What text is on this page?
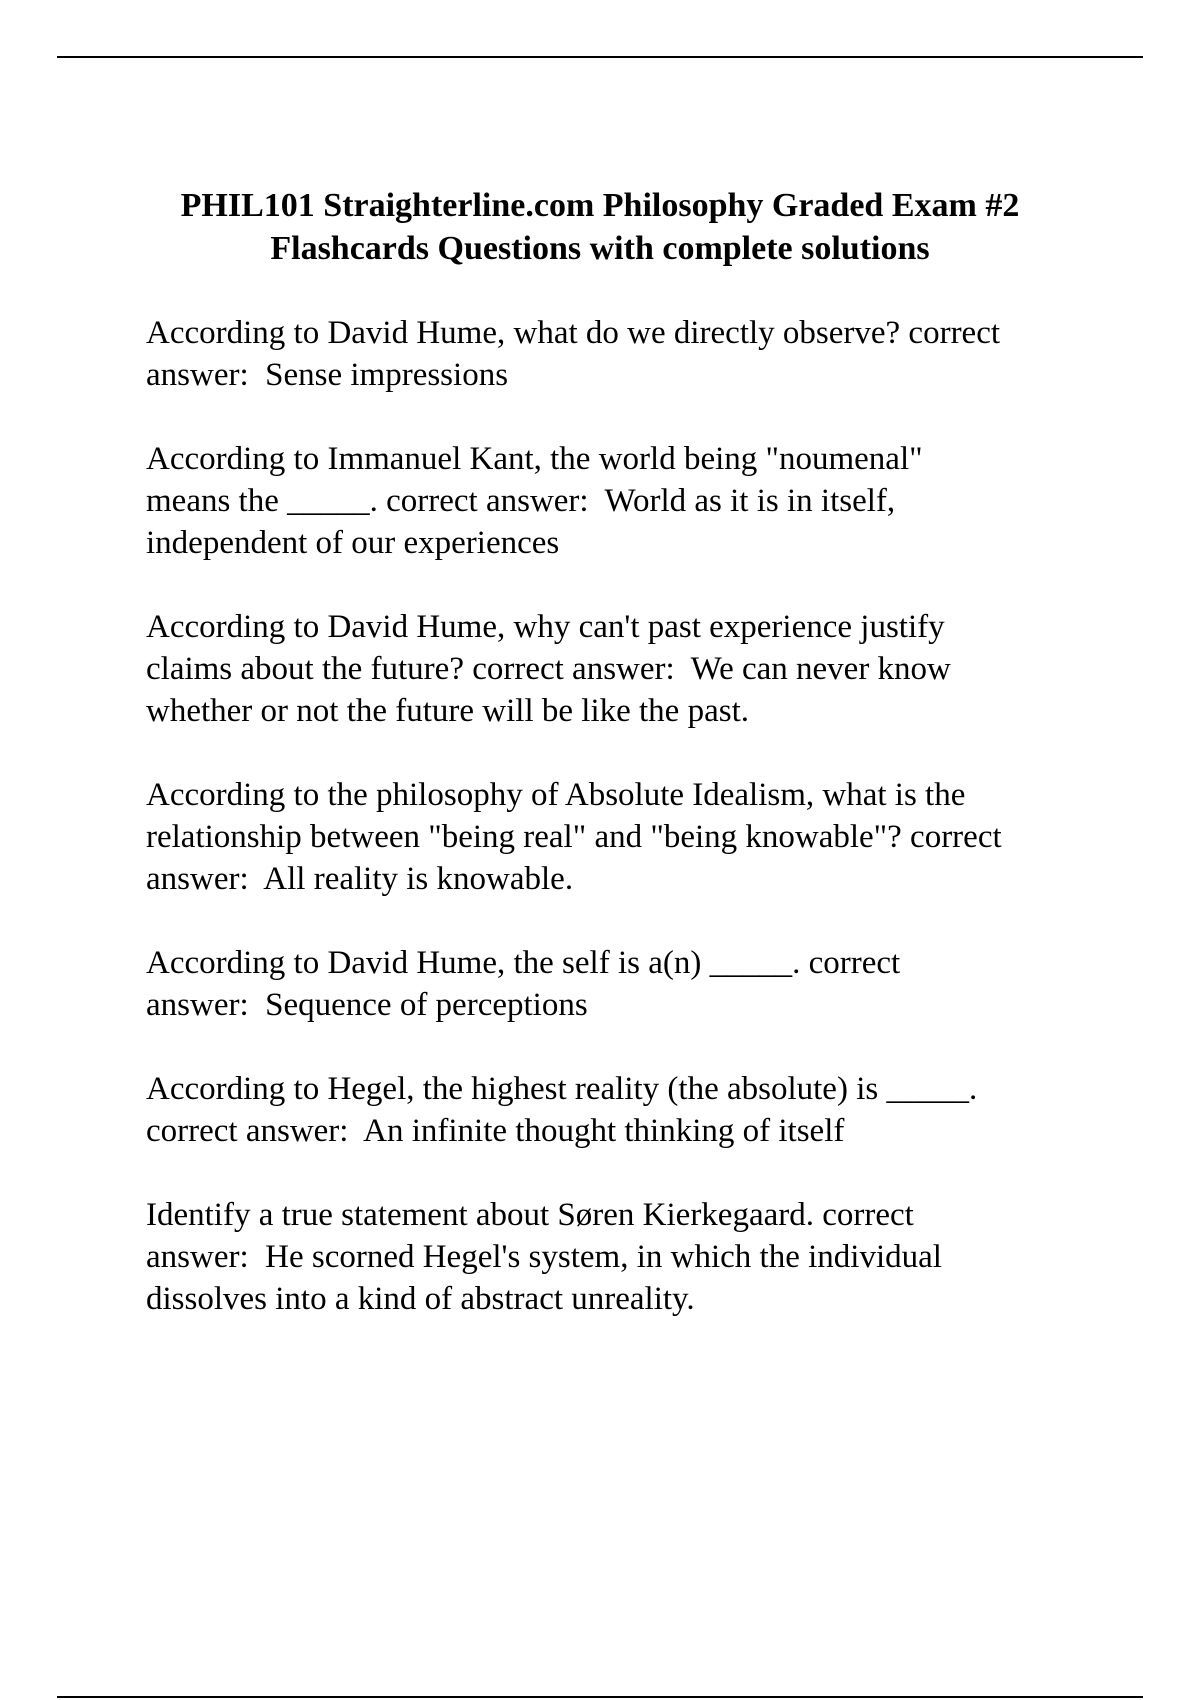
PHIL101 Straighterline.com Philosophy Graded Exam #2
Flashcards Questions with complete solutions
According to David Hume, what do we directly observe? correct
answer:  Sense impressions
According to Immanuel Kant, the world being "noumenal"
means the _____. correct answer:  World as it is in itself,
independent of our experiences
According to David Hume, why can't past experience justify
claims about the future? correct answer:  We can never know
whether or not the future will be like the past.
According to the philosophy of Absolute Idealism, what is the
relationship between "being real" and "being knowable"? correct
answer:  All reality is knowable.
According to David Hume, the self is a(n) _____. correct
answer:  Sequence of perceptions
According to Hegel, the highest reality (the absolute) is _____.
correct answer:  An infinite thought thinking of itself
Identify a true statement about Søren Kierkegaard. correct
answer:  He scorned Hegel's system, in which the individual
dissolves into a kind of abstract unreality.
